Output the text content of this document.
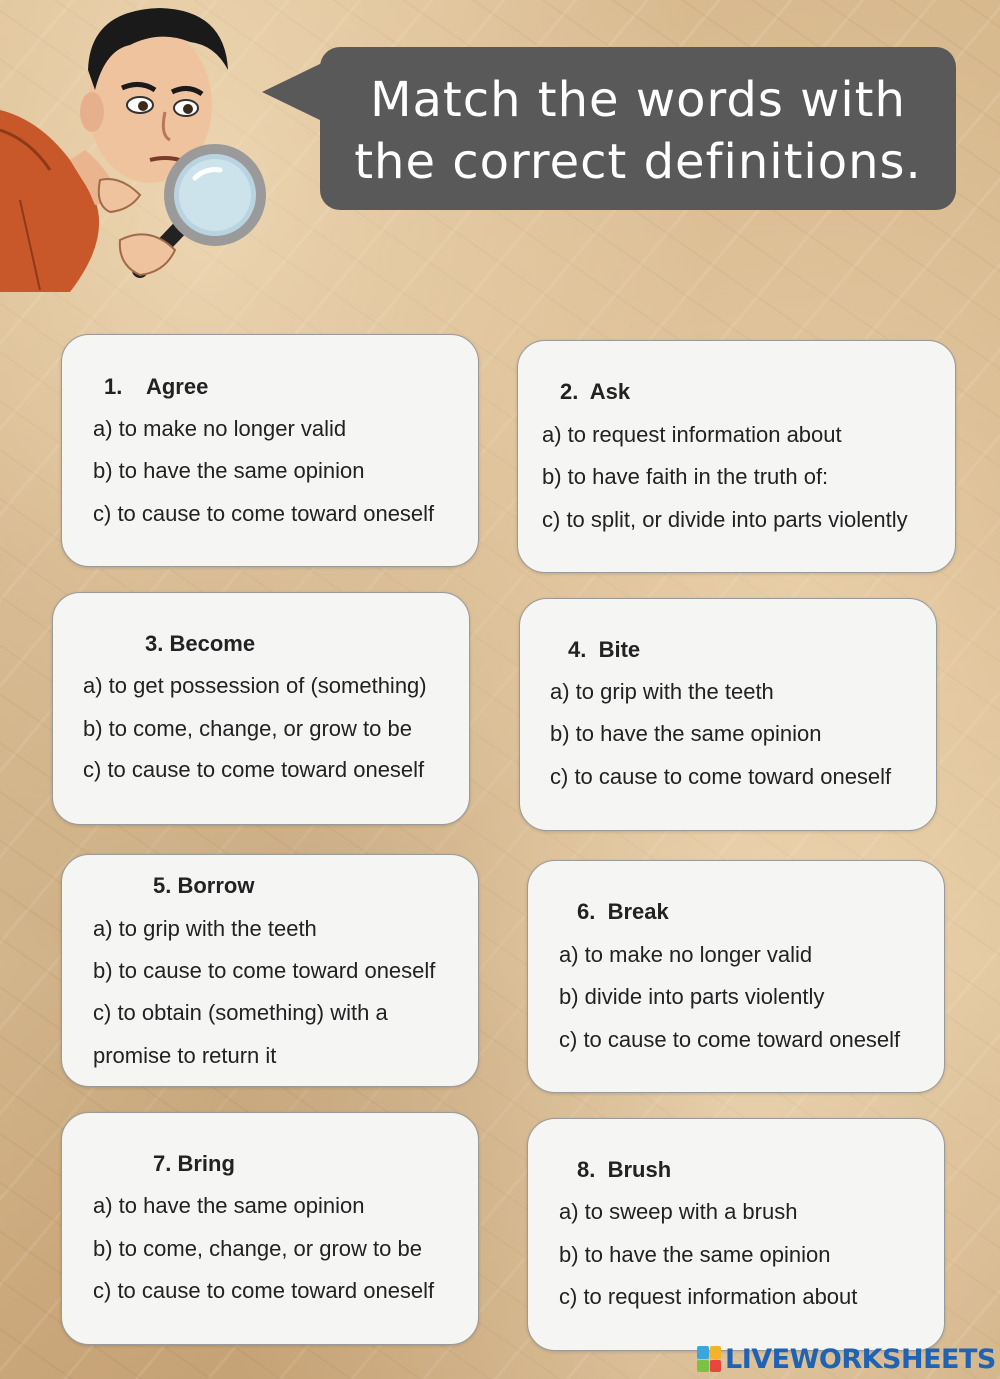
Match the words with
the correct definitions.

1.    Agree

a) to make no longer valid

b) to have the same opinion

c) to cause to come toward oneself

2.  Ask

a) to request information about

b) to have faith in the truth of:

c) to split, or divide into parts violently

3. Become

a) to get possession of (something)

b) to come, change, or grow to be

c) to cause to come toward oneself

4.  Bite

a) to grip with the teeth

b) to have the same opinion

c) to cause to come toward oneself

5. Borrow

a) to grip with the teeth

b) to cause to come toward oneself

c) to obtain (something) with a promise to return it

6.  Break

a) to make no longer valid

b) divide into parts violently

c) to cause to come toward oneself

7. Bring

a) to have the same opinion

b) to come, change, or grow to be

c) to cause to come toward oneself

8.  Brush

a) to sweep with a brush

b) to have the same opinion

c) to request information about

LIVEWORKSHEETS
